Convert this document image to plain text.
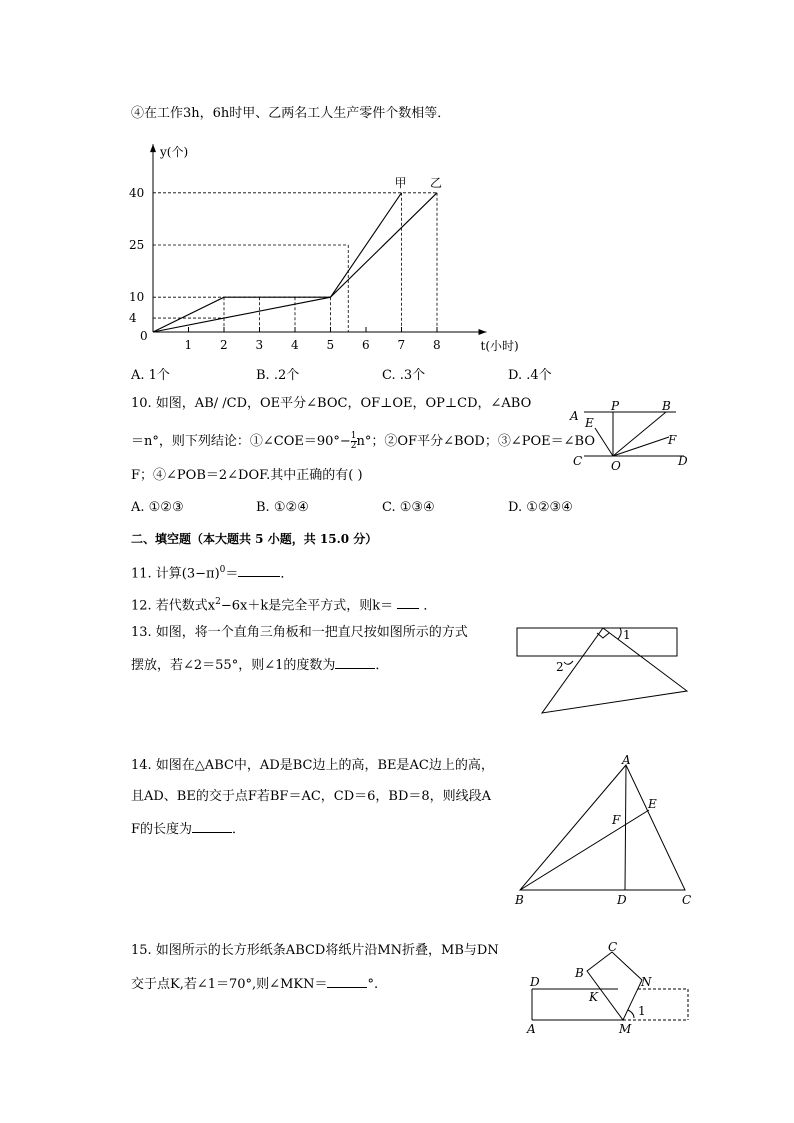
④在工作3h，6h时甲、乙两名工人生产零件个数相等．
y(个)
t(小时)
0
1 2 3 4 5 6 7 8
4
10
25
40
甲 乙
A. 1个	B. .2个	C. .3个	D. .4个
10. 如图，AB/ /CD，OE平分∠BOC，OF⊥OE，OP⊥CD，∠ABO
＝n°，则下列结论：①∠COE＝90°− $\frac{1}{2} n^\circ$；②OF平分∠BOD；③∠POE＝∠BO
F；④∠POB＝2∠DOF.其中正确的有( )
A
P	B
E
F
C O	D
A. ①②③	B. ①②④	C. ①③④	D. ①②③④
二、填空题（本大题共 5 小题，共 15.0 分）
11. 计算$(3-\pi)^0=$	．
12. 若代数式$x^2-6x+k$是完全平方式，则k＝  ．
13. 如图，将一个直角三角板和一把直尺按如图所示的方式
摆放，若∠2＝55°，则∠1的度数为	．
1
2
14. 如图在△ABC中，AD是BC边上的高，BE是AC边上的高，
且AD、BE的交于点F若BF＝AC，CD＝6，BD＝8，则线段A
F的长度为	．
A
B	C
D
E
F
15. 如图所示的长方形纸条ABCD将纸片沿MN折叠，MB与DN
交于点K,若∠1＝70°,则∠MKN＝	°.
C
B
D	N
K
A	M
1
